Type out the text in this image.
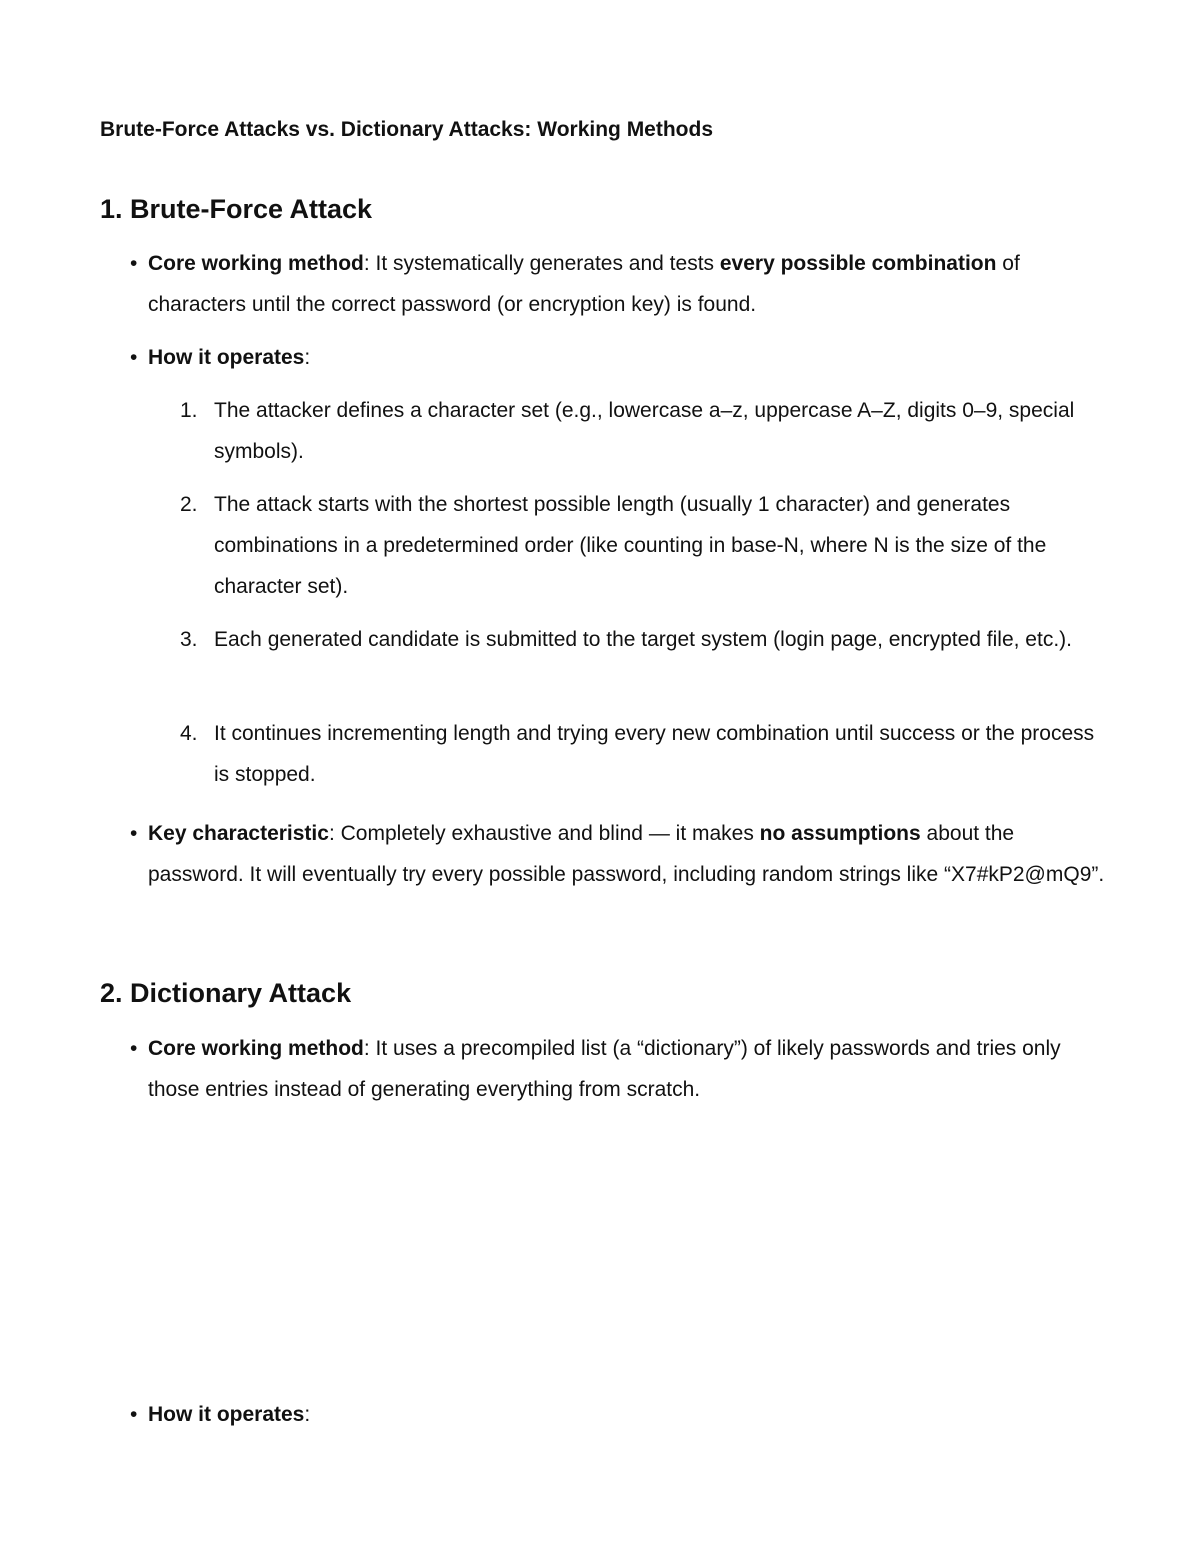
Brute-Force Attacks vs. Dictionary Attacks: Working Methods
1. Brute-Force Attack
• Core working method: It systematically generates and tests every possible combination of characters until the correct password (or encryption key) is found.
• How it operates:
1. The attacker defines a character set (e.g., lowercase a–z, uppercase A–Z, digits 0–9, special symbols).
2. The attack starts with the shortest possible length (usually 1 character) and generates combinations in a predetermined order (like counting in base-N, where N is the size of the character set).
3. Each generated candidate is submitted to the target system (login page, encrypted file, etc.).
4. It continues incrementing length and trying every new combination until success or the process is stopped.
• Key characteristic: Completely exhaustive and blind — it makes no assumptions about the password. It will eventually try every possible password, including random strings like “X7#kP2@mQ9”.
2. Dictionary Attack
• Core working method: It uses a precompiled list (a “dictionary”) of likely passwords and tries only those entries instead of generating everything from scratch.
• How it operates:
